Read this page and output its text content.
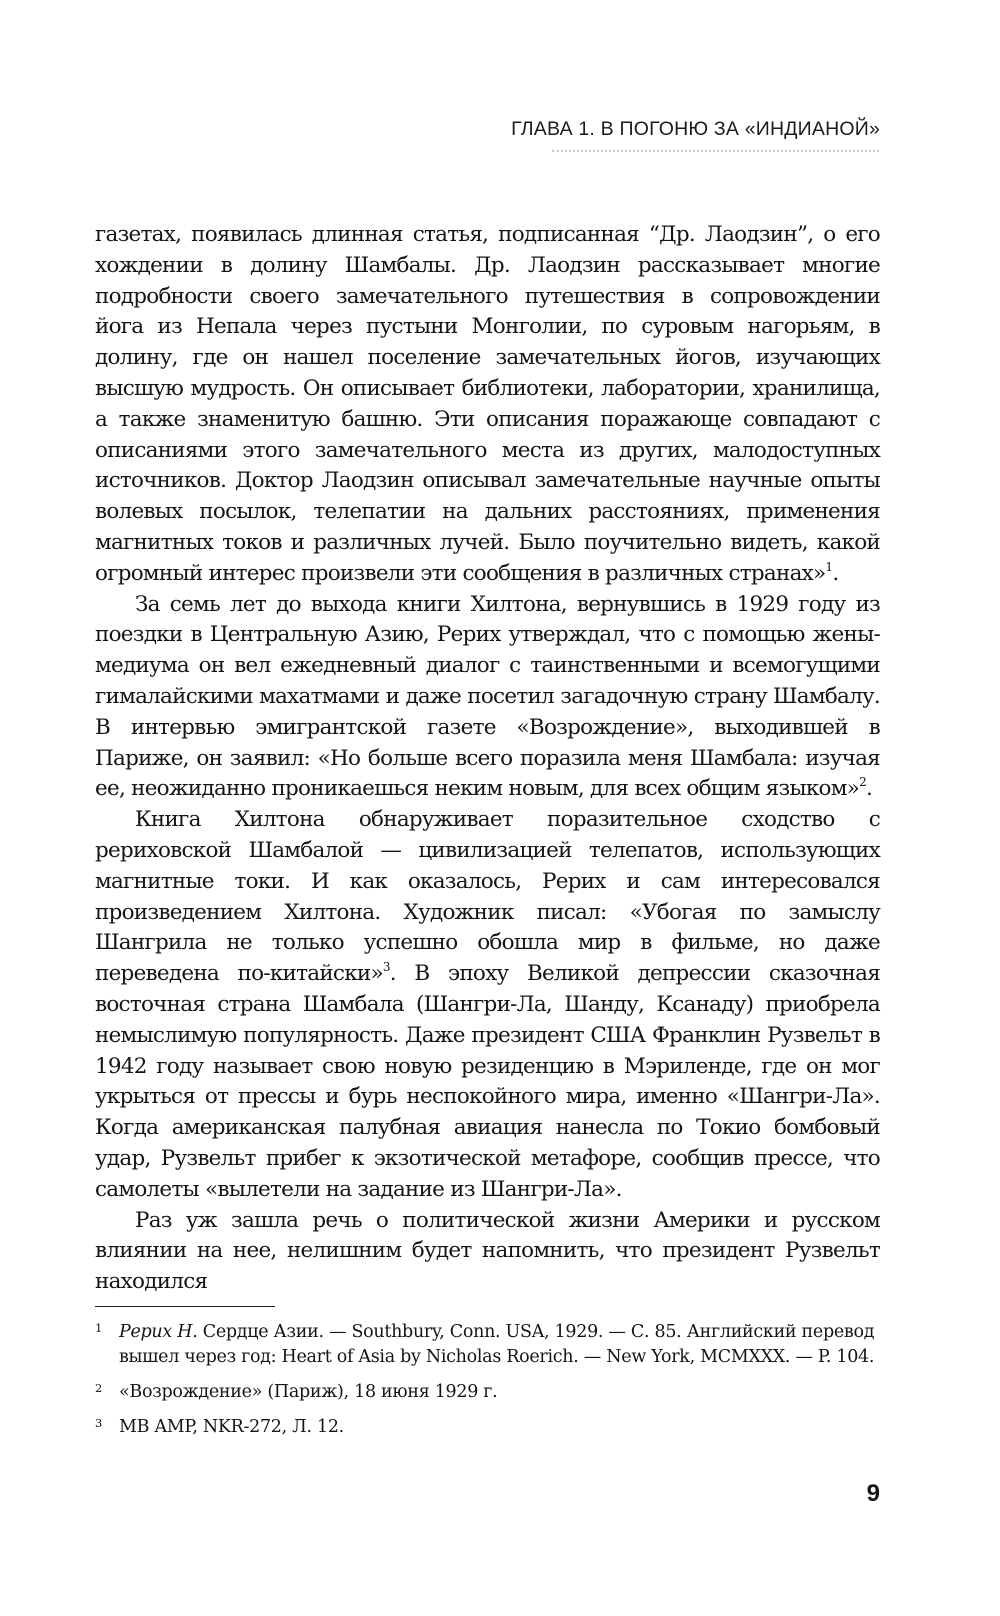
ГЛАВА 1. В ПОГОНЮ ЗА «ИНДИАНОЙ»

газетах, появилась длинная статья, подписанная “Др. Лаодзин”, о его хождении в долину Шамбалы. Др. Лаодзин рассказывает многие подробности своего замечательного путешествия в сопровождении йога из Непала через пустыни Монголии, по суровым нагорьям, в долину, где он нашел поселение замечательных йогов, изучающих высшую мудрость. Он описывает библиотеки, лаборатории, хранилища, а также знаменитую башню. Эти описания поражающе совпадают с описаниями этого замечательного места из других, малодоступных источников. Доктор Лаодзин описывал замечательные научные опыты волевых посылок, телепатии на дальних расстояниях, применения магнитных токов и различных лучей. Было поучительно видеть, какой огромный интерес произвели эти сообщения в различных странах»$^1$.

За семь лет до выхода книги Хилтона, вернувшись в 1929 году из поездки в Центральную Азию, Рерих утверждал, что с помощью жены-медиума он вел ежедневный диалог с таинственными и всемогущими гималайскими махатмами и даже посетил загадочную страну Шамбалу. В интервью эмигрантской газете «Возрождение», выходившей в Париже, он заявил: «Но больше всего поразила меня Шамбала: изучая ее, неожиданно проникаешься неким новым, для всех общим языком»$^2$.

Книга Хилтона обнаруживает поразительное сходство с рериховской Шамбалой — цивилизацией телепатов, использующих магнитные токи. И как оказалось, Рерих и сам интересовался произведением Хилтона. Художник писал: «Убогая по замыслу Шангрила не только успешно обошла мир в фильме, но даже переведена по-китайски»$^3$. В эпоху Великой депрессии сказочная восточная страна Шамбала (Шангри-Ла, Шанду, Ксанаду) приобрела немыслимую популярность. Даже президент США Франклин Рузвельт в 1942 году называет свою новую резиденцию в Мэриленде, где он мог укрыться от прессы и бурь неспокойного мира, именно «Шангри-Ла». Когда американская палубная авиация нанесла по Токио бомбовый удар, Рузвельт прибег к экзотической метафоре, сообщив прессе, что самолеты «вылетели на задание из Шангри-Ла».

Раз уж зашла речь о политической жизни Америки и русском влиянии на нее, нелишним будет напомнить, что президент Рузвельт находился

1 Рерих Н. Сердце Азии. — Southbury, Conn. USA, 1929. — С. 85. Английский перевод вышел через год: Heart of Asia by Nicholas Roerich. — New York, MCMXXX. — P. 104.
2 «Возрождение» (Париж), 18 июня 1929 г.
3 MB AMP, NKR-272, Л. 12.
9
